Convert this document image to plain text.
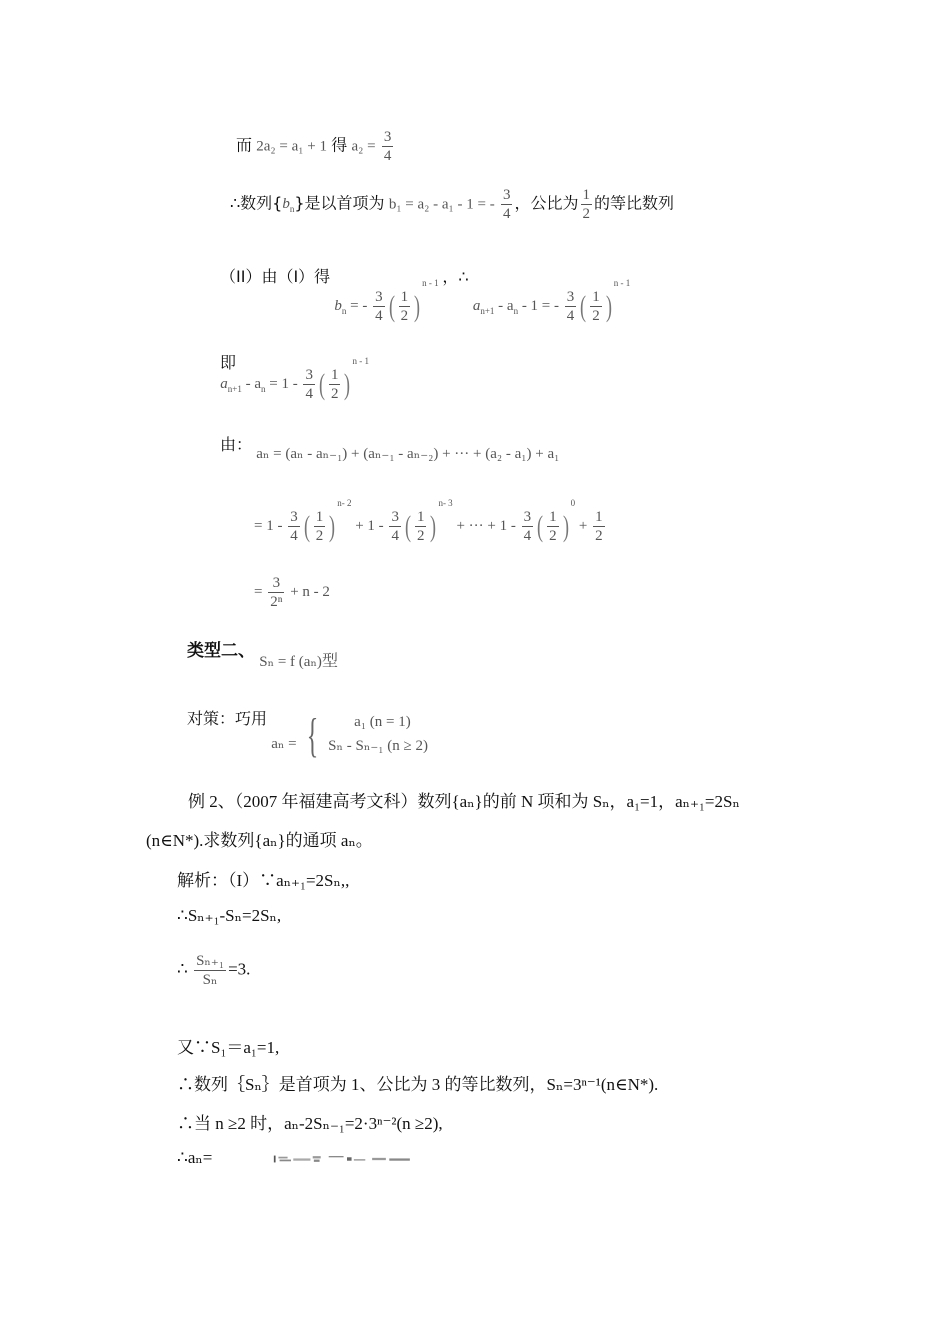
而 2a₂ = a₁ + 1 得 $a_2 = \frac{3}{4}$
∴数列$\{b_n\}$是以首项为 b₁ = a₂ - a₁ - 1 = - $\frac{3}{4}$ ，公比为 $\frac{1}{2}$ 的等比数列
（II）由（I）得 $b_n$ = - $\frac{3}{4}$ ( $\frac{1}{2} )^{n - 1}$ ，∴ $a_{n+1} - a_n - 1$ = - $\frac{3}{4}$ ( $\frac{1}{2} )^{n - 1}$
即 $a_{n+1} - a_n = 1 - \frac{3}{4}$ ( $\frac{1}{2} )^{n - 1}$
由： aₙ = (aₙ - aₙ₋₁) + (aₙ₋₁ - aₙ₋₂) + ··· + (a₂ - a₁) + a₁
= $1 - \frac{3}{4}$ ( $\frac{1}{2} )^{n- 2} + 1 - \frac{3}{4}$ ( $\frac{1}{2} )^{n- 3}$ + ··· + $1 - \frac{3}{4}$ ( $\frac{1}{2} )^0 + \frac{1}{2}$
= $\frac{3}{\text{2ⁿ}} + n - 2$
类型二、 Sₙ = f (aₙ)型
对策：巧用 aₙ = {	a₁ (n = 1)
Sₙ - Sₙ₋₁ (n ≥ 2)
例 2、（2007 年福建高考文科）数列{aₙ}的前 N 项和为 Sₙ，a₁=1，aₙ₊₁=2Sₙ
(n∈N*).求数列{aₙ}的通项 aₙ。
解析：（I）∵aₙ₊₁=2Sₙ,,
∴Sₙ₊₁-Sₙ=2Sₙ,
∴ $\frac{\text{Sₙ₊₁}}{\text{Sₙ}} =3$.
又∵S₁＝a₁=1,
∴数列｛Sₙ｝是首项为 1、公比为 3 的等比数列，Sₙ=3ⁿ⁻¹(n∈N*).
∴当 n ≥2 时，aₙ-2Sₙ₋₁=2·3ⁿ⁻²(n ≥2),
∴aₙ=
